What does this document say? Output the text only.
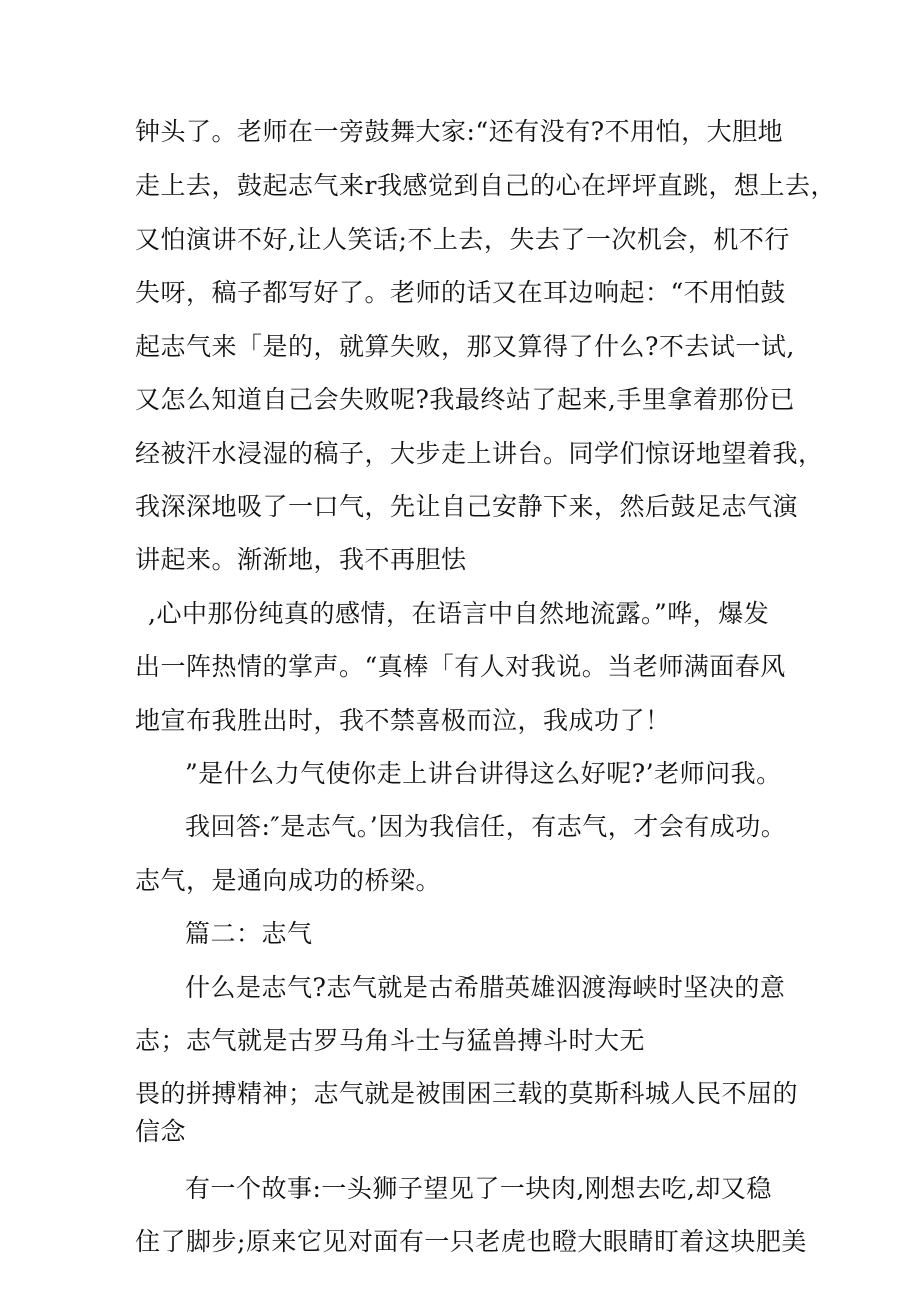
钟头了。老师在一旁鼓舞大家:“还有没有?不用怕，大胆地
走上去，鼓起志气来r我感觉到自己的心在坪坪直跳，想上去，
又怕演讲不好,让人笑话;不上去，失去了一次机会，机不行
失呀，稿子都写好了。老师的话又在耳边响起：“不用怕鼓
起志气来「是的，就算失败，那又算得了什么?不去试一试,
又怎么知道自己会失败呢?我最终站了起来,手里拿着那份已
经被汗水浸湿的稿子，大步走上讲台。同学们惊讶地望着我，
我深深地吸了一口气，先让自己安静下来，然后鼓足志气演
讲起来。渐渐地，我不再胆怯
,心中那份纯真的感情，在语言中自然地流露。”哗，爆发
出一阵热情的掌声。“真棒「有人对我说。当老师满面春风
地宣布我胜出时，我不禁喜极而泣，我成功了！
”是什么力气使你走上讲台讲得这么好呢?’老师问我。
我回答:″是志气。’因为我信任，有志气，才会有成功。
志气，是通向成功的桥梁。
篇二：志气
什么是志气?志气就是古希腊英雄泅渡海峡时坚决的意
志；志气就是古罗马角斗士与猛兽搏斗时大无
畏的拼搏精神；志气就是被围困三载的莫斯科城人民不屈的
信念
有一个故事:一头狮子望见了一块肉,刚想去吃,却又稳
住了脚步;原来它见对面有一只老虎也瞪大眼睛盯着这块肥美
